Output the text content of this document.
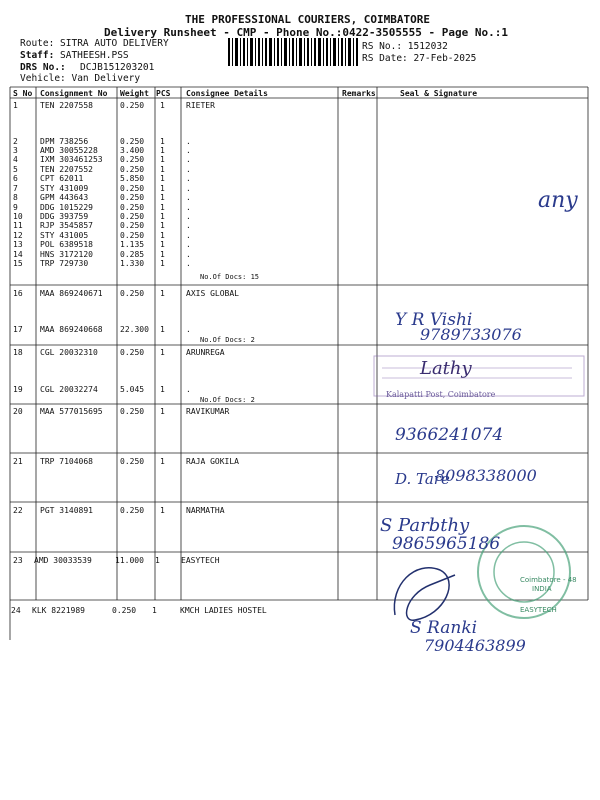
THE PROFESSIONAL COURIERS, COIMBATORE
Delivery Runsheet - CMP - Phone No.:0422-3505555 - Page No.:1
Route: SITRA AUTO DELIVERY
Staff: SATHEESH.PSS
DRS No.: DCJB151203201
Vehicle: Van Delivery
RS No.: 1512032
RS Date: 27-Feb-2025
S No Consignment No Weight PCS Consignee Details	Remarks	Seal & Signature
1	TEN 2207558	0.250 1	RIETER
2	DPM 738256	0.250 1	.
3	AMD 30055228	3.400 1	.
4	IXM 303461253 0.250 1	.
5	TEN 2207552	0.250 1	.
6	CPT 62011	5.850 1	.
7	STY 431009	0.250 1	.
8	GPM 443643	0.250 1	.
9	DDG 1015229	0.250 1	.
10 DDG 393759	0.250 1	.
11 RJP 3545857	0.250 1	.
12 STY 431005	0.250 1	.
13 POL 6389518	1.135 1	.
14 HNS 3172120	0.285 1	.
15 TRP 729730	1.330 1	.
No.Of Docs: 15
16 MAA 869240671 0.250 1	AXIS GLOBAL
17 MAA 869240668 22.300 1	.
No.Of Docs: 2
18 CGL 20032310	0.250 1	ARUNREGA
19 CGL 20032274	5.045 1	.
No.Of Docs: 2
20 MAA 577015695 0.250 1	RAVIKUMAR
21 TRP 7104068	0.250 1	RAJA GOKILA
22 PGT 3140891	0.250 1	NARMATHA
23 AMD 30033539	11.000 1	EASYTECH
24 KLK 8221989	0.250 1	KMCH LADIES HOSTEL
Kalapatti Post, Coimbatore
Lathy
Coimbatore - 48
INDIA
EASYTECH
any
Y R Vishi
9789733076
9366241074
D. Tare
8098338000
S Parbthy
9865965186
S Ranki
7904463899
